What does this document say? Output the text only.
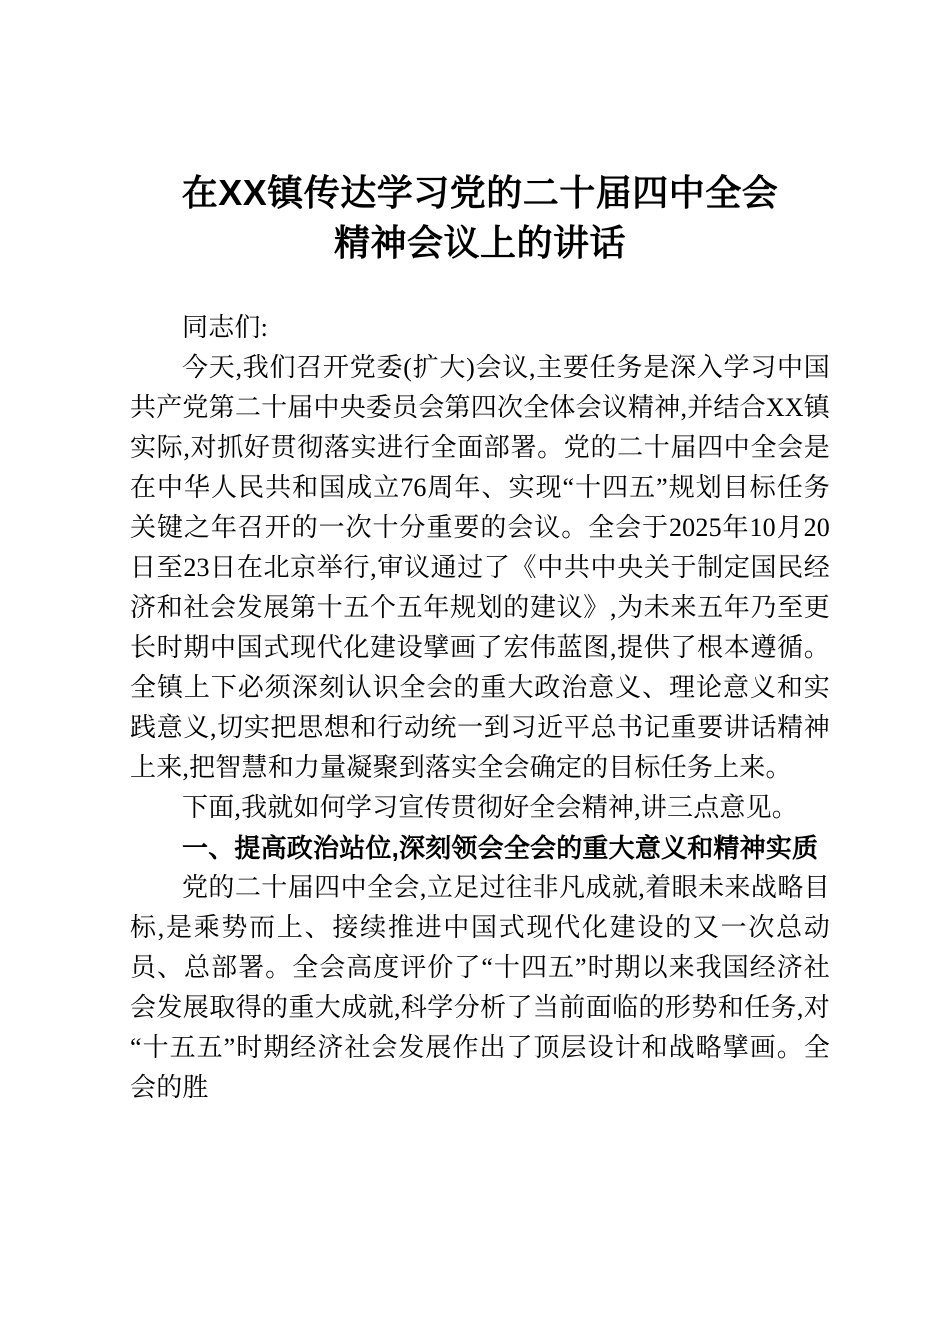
在XX镇传达学习党的二十届四中全会
精神会议上的讲话

同志们:

今天,我们召开党委(扩大)会议,主要任务是深入学习中国共产党第二十届中央委员会第四次全体会议精神,并结合XX镇实际,对抓好贯彻落实进行全面部署。党的二十届四中全会是在中华人民共和国成立76周年、实现“十四五”规划目标任务关键之年召开的一次十分重要的会议。全会于2025年10月20日至23日在北京举行,审议通过了《中共中央关于制定国民经济和社会发展第十五个五年规划的建议》,为未来五年乃至更长时期中国式现代化建设擘画了宏伟蓝图,提供了根本遵循。全镇上下必须深刻认识全会的重大政治意义、理论意义和实践意义,切实把思想和行动统一到习近平总书记重要讲话精神上来,把智慧和力量凝聚到落实全会确定的目标任务上来。

下面,我就如何学习宣传贯彻好全会精神,讲三点意见。

一、提高政治站位,深刻领会全会的重大意义和精神实质

党的二十届四中全会,立足过往非凡成就,着眼未来战略目标,是乘势而上、接续推进中国式现代化建设的又一次总动员、总部署。全会高度评价了“十四五”时期以来我国经济社会发展取得的重大成就,科学分析了当前面临的形势和任务,对“十五五”时期经济社会发展作出了顶层设计和战略擘画。全会的胜
